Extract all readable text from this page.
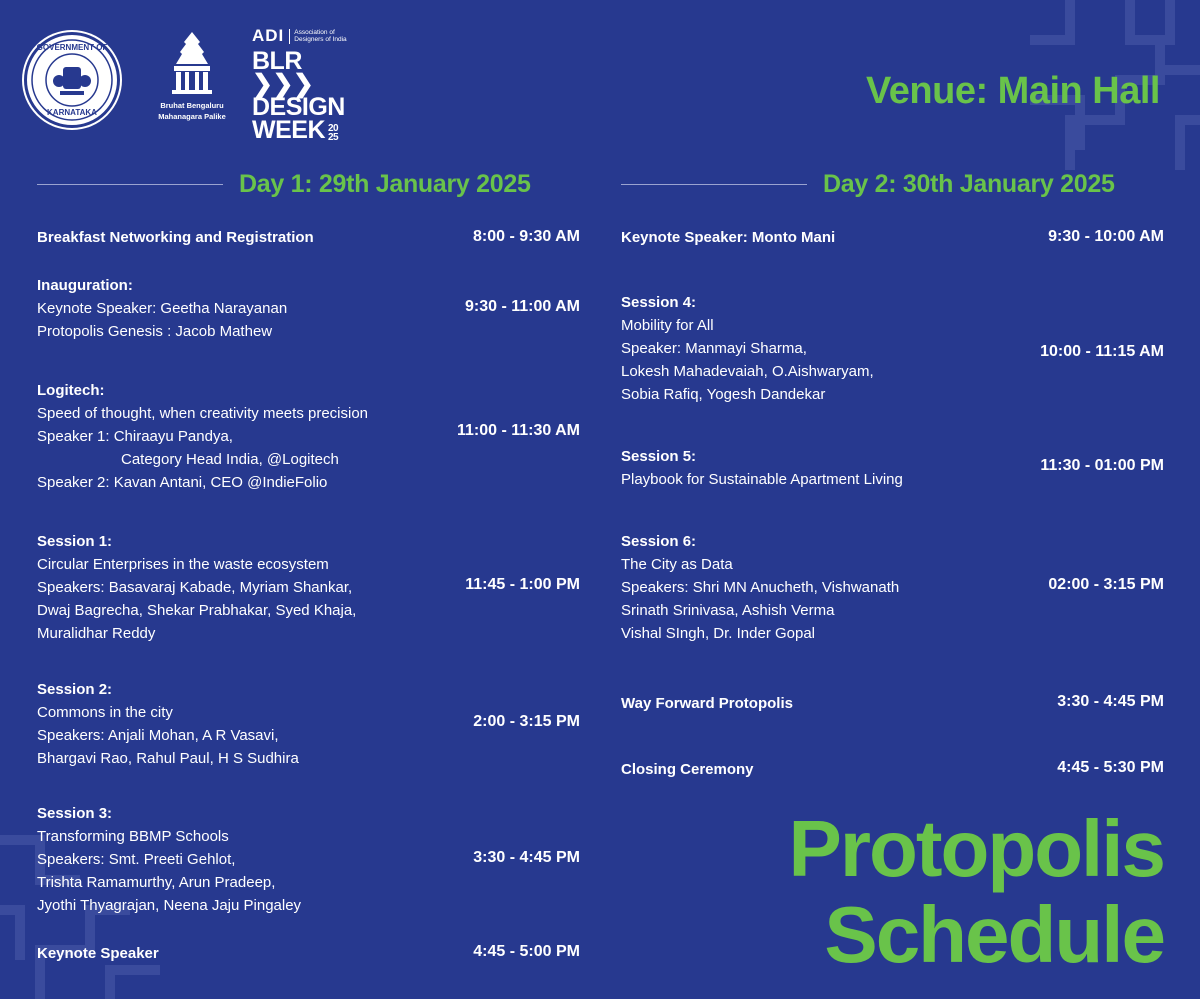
GOVERNMENT OF
KARNATAKA
Bruhat Bengaluru
Mahanagara Palike
ADI Association of
Designers of India
BLR ❯❯❯
DESIGN
WEEK 20
25
Venue: Main Hall
Day 1: 29th January 2025	Day 2: 30th January 2025
Breakfast Networking and Registration	8:00 - 9:30 AM
Inauguration:
Keynote Speaker: Geetha Narayanan
Protopolis Genesis : Jacob Mathew
9:30 - 11:00 AM
Logitech:
Speed of thought, when creativity meets precision
Speaker 1: Chiraayu Pandya,
Category Head India, @Logitech
Speaker 2: Kavan Antani, CEO @IndieFolio
11:00 - 11:30 AM
Session 1:
Circular Enterprises in the waste ecosystem
Speakers: Basavaraj Kabade, Myriam Shankar,
Dwaj Bagrecha, Shekar Prabhakar, Syed Khaja,
Muralidhar Reddy
11:45 - 1:00 PM
Session 2:
Commons in the city
Speakers: Anjali Mohan, A R Vasavi,
Bhargavi Rao, Rahul Paul, H S Sudhira
2:00 - 3:15 PM
Session 3:
Transforming BBMP Schools
Speakers: Smt. Preeti Gehlot,
Trishta Ramamurthy, Arun Pradeep,
Jyothi Thyagrajan, Neena Jaju Pingaley
3:30 - 4:45 PM
Keynote Speaker	4:45 - 5:00 PM
Keynote Speaker: Monto Mani	9:30 - 10:00 AM
Session 4:
Mobility for All
Speaker: Manmayi Sharma,
Lokesh Mahadevaiah, O.Aishwaryam,
Sobia Rafiq, Yogesh Dandekar
10:00 - 11:15 AM
Session 5:
Playbook for Sustainable Apartment Living
11:30 - 01:00 PM
Session 6:
The City as Data
Speakers: Shri MN Anucheth, Vishwanath
Srinath Srinivasa, Ashish Verma
Vishal SIngh, Dr. Inder Gopal
02:00 - 3:15 PM
Way Forward Protopolis	3:30 - 4:45 PM
Closing Ceremony	4:45 - 5:30 PM
Protopolis
Schedule
